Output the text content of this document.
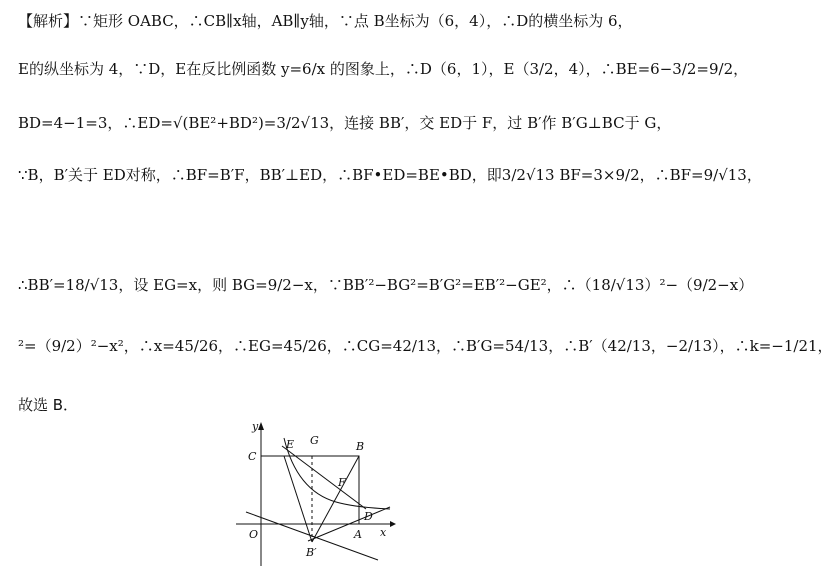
【解析】∵矩形 OABC，∴CB∥x轴，AB∥y轴，∵点 B坐标为（6，4），∴D的横坐标为 6，
E的纵坐标为 4，∵D，E在反比例函数 y=6/x 的图象上，∴D（6，1），E（3/2，4），∴BE=6−3/2=9/2，
BD=4−1=3，∴ED=√(BE²+BD²)=3/2√13，连接 BB′，交 ED于 F，过 B′作 B′G⊥BC于 G，
∵B，B′关于 ED对称，∴BF=B′F，BB′⊥ED，∴BF•ED=BE•BD，即3/2√13 BF=3×9/2，∴BF=9/√13，
∴BB′=18/√13，设 EG=x，则 BG=9/2−x，∵BB′²−BG²=B′G²=EB′²−GE²，∴（18/√13）²−（9/2−x）
²=（9/2）²−x²，∴x=45/26，∴EG=45/26，∴CG=42/13，∴B′G=54/13，∴B′（42/13，−2/13），∴k=−1/21，
故选 B．
y
x
C
E G	B
F
D
O	A
B′
